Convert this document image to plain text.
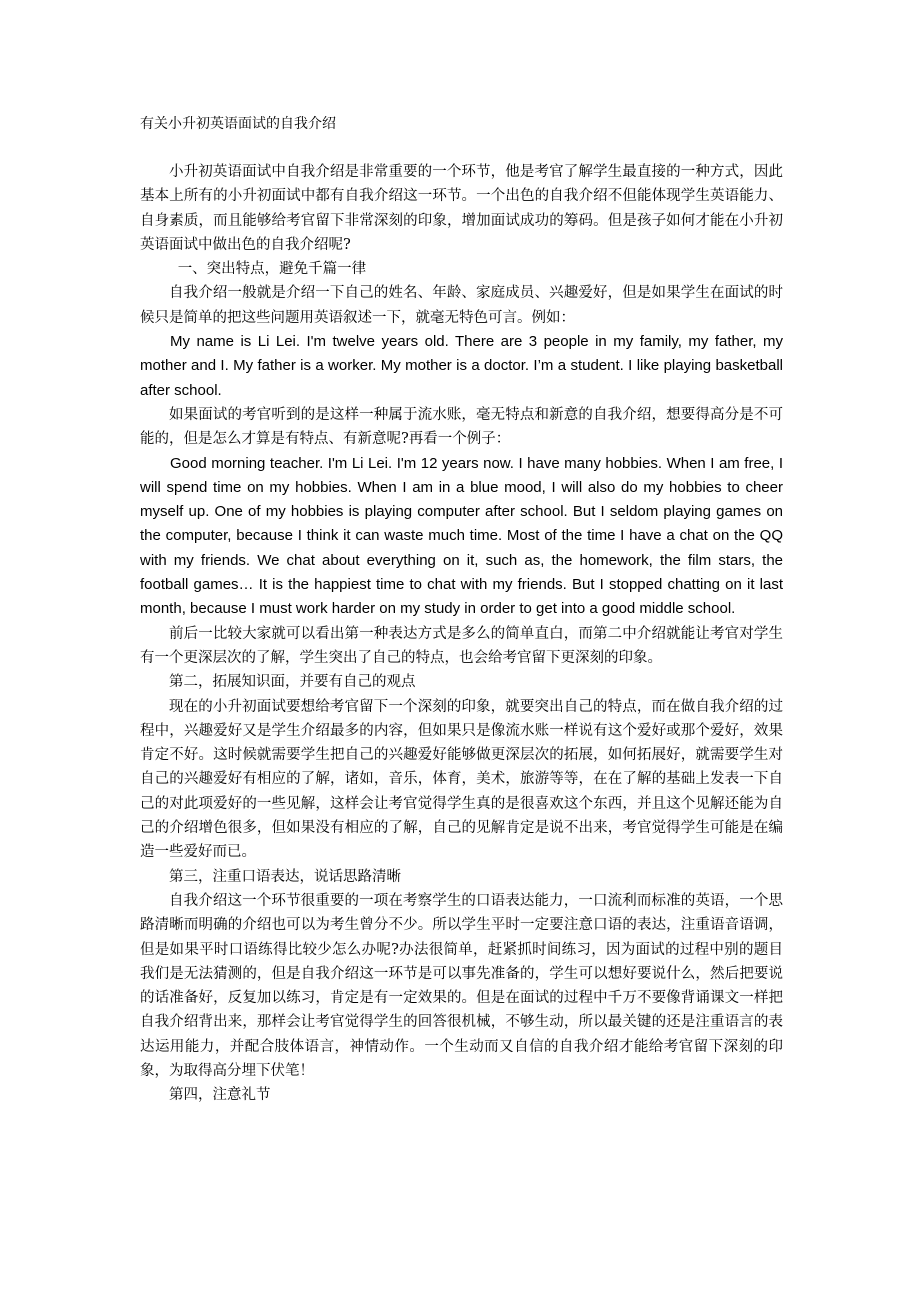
有关小升初英语面试的自我介绍

小升初英语面试中自我介绍是非常重要的一个环节，他是考官了解学生最直接的一种方式，因此基本上所有的小升初面试中都有自我介绍这一环节。一个出色的自我介绍不但能体现学生英语能力、自身素质，而且能够给考官留下非常深刻的印象，增加面试成功的筹码。但是孩子如何才能在小升初英语面试中做出色的自我介绍呢?

一、突出特点，避免千篇一律

自我介绍一般就是介绍一下自己的姓名、年龄、家庭成员、兴趣爱好，但是如果学生在面试的时候只是简单的把这些问题用英语叙述一下，就毫无特色可言。例如：

My name is Li Lei. I'm twelve years old. There are 3 people in my family, my father, my mother and I. My father is a worker. My mother is a doctor. I’m a student. I like playing basketball after school.

如果面试的考官听到的是这样一种属于流水账，毫无特点和新意的自我介绍，想要得高分是不可能的，但是怎么才算是有特点、有新意呢?再看一个例子：

Good morning teacher. I'm Li Lei. I'm 12 years now. I have many hobbies. When I am free, I will spend time on my hobbies. When I am in a blue mood, I will also do my hobbies to cheer myself up. One of my hobbies is playing computer after school. But I seldom playing games on the computer, because I think it can waste much time. Most of the time I have a chat on the QQ with my friends. We chat about everything on it, such as, the homework, the film stars, the football games… It is the happiest time to chat with my friends. But I stopped chatting on it last month, because I must work harder on my study in order to get into a good middle school.

前后一比较大家就可以看出第一种表达方式是多么的简单直白，而第二中介绍就能让考官对学生有一个更深层次的了解，学生突出了自己的特点，也会给考官留下更深刻的印象。

第二，拓展知识面，并要有自己的观点

现在的小升初面试要想给考官留下一个深刻的印象，就要突出自己的特点，而在做自我介绍的过程中，兴趣爱好又是学生介绍最多的内容，但如果只是像流水账一样说有这个爱好或那个爱好，效果肯定不好。这时候就需要学生把自己的兴趣爱好能够做更深层次的拓展，如何拓展好，就需要学生对自己的兴趣爱好有相应的了解，诸如，音乐，体育，美术，旅游等等，在在了解的基础上发表一下自己的对此项爱好的一些见解，这样会让考官觉得学生真的是很喜欢这个东西，并且这个见解还能为自己的介绍增色很多，但如果没有相应的了解，自己的见解肯定是说不出来，考官觉得学生可能是在编造一些爱好而已。

第三，注重口语表达，说话思路清晰

自我介绍这一个环节很重要的一项在考察学生的口语表达能力，一口流利而标准的英语，一个思路清晰而明确的介绍也可以为考生曾分不少。所以学生平时一定要注意口语的表达，注重语音语调，但是如果平时口语练得比较少怎么办呢?办法很简单，赶紧抓时间练习，因为面试的过程中别的题目我们是无法猜测的，但是自我介绍这一环节是可以事先准备的，学生可以想好要说什么，然后把要说的话准备好，反复加以练习，肯定是有一定效果的。但是在面试的过程中千万不要像背诵课文一样把自我介绍背出来，那样会让考官觉得学生的回答很机械，不够生动，所以最关键的还是注重语言的表达运用能力，并配合肢体语言，神情动作。一个生动而又自信的自我介绍才能给考官留下深刻的印象，为取得高分埋下伏笔！

第四，注意礼节
